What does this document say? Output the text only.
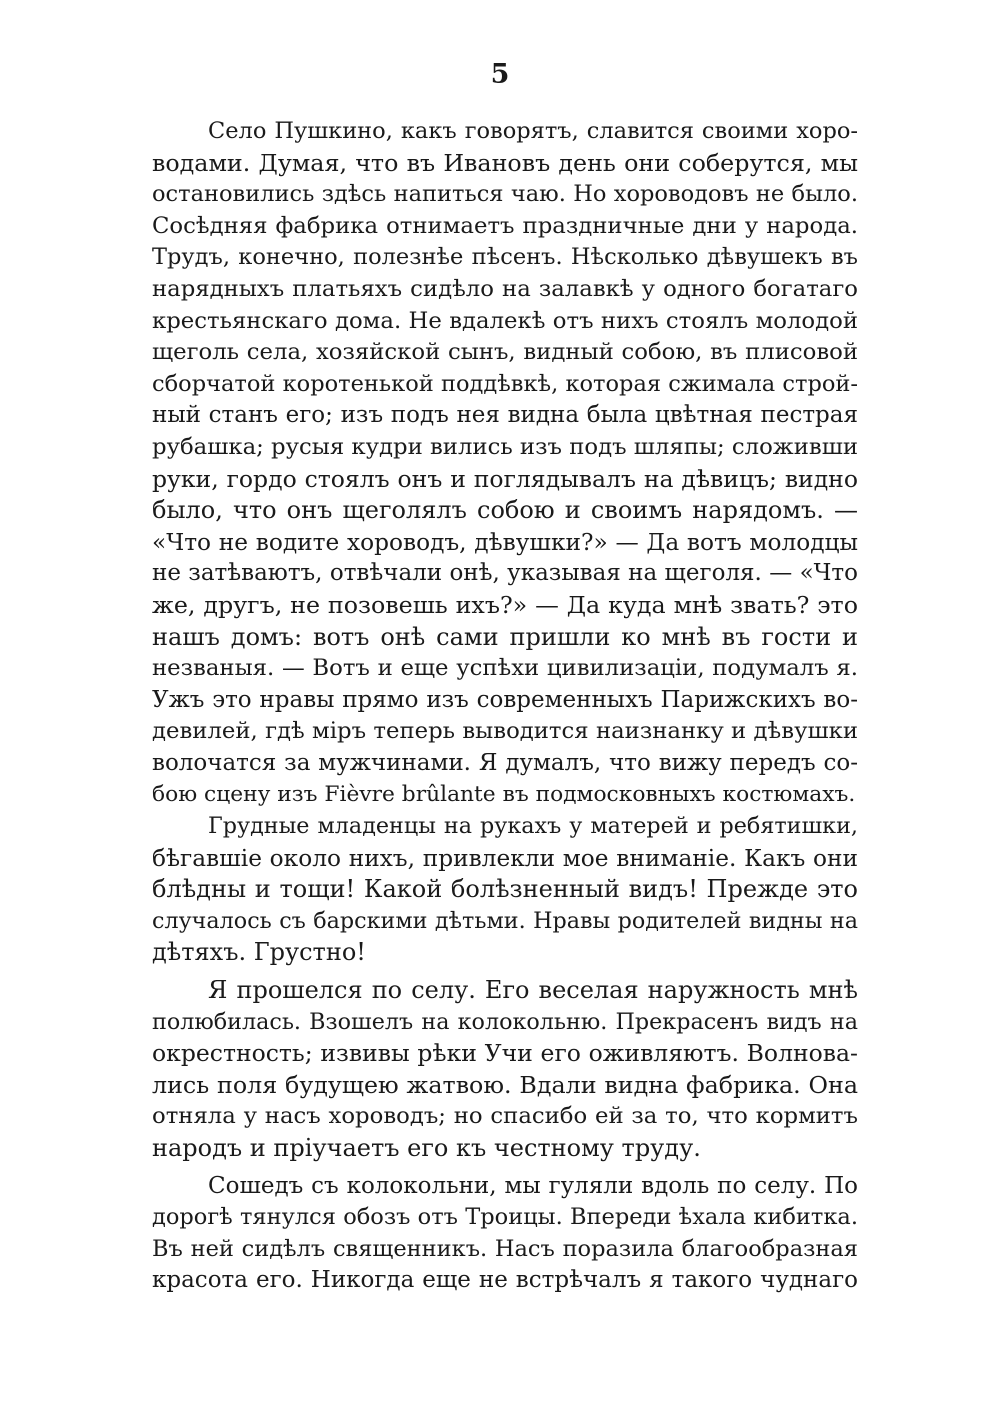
5
Село Пушкино, какъ говорятъ, славится своими хоро-
водами. Думая, что въ Ивановъ день они соберутся, мы
остановились здѣсь напиться чаю. Но хороводовъ не было.
Сосѣдняя фабрика отнимаетъ праздничные дни у народа.
Трудъ, конечно, полезнѣе пѣсенъ. Нѣсколько дѣвушекъ въ
нарядныхъ платьяхъ сидѣло на залавкѣ у одного богатаго
крестьянскаго дома. Не вдалекѣ отъ нихъ стоялъ молодой
щеголь села, хозяйской сынъ, видный собою, въ плисовой
сборчатой коротенькой поддѣвкѣ, которая сжимала строй-
ный станъ его; изъ подъ нея видна была цвѣтная пестрая
рубашка; русыя кудри вились изъ подъ шляпы; сложивши
руки, гордо стоялъ онъ и поглядывалъ на дѣвицъ; видно
было, что онъ щеголялъ собою и своимъ нарядомъ. —
«Что не водите хороводъ, дѣвушки?» — Да вотъ молодцы
не затѣваютъ, отвѣчали онѣ, указывая на щеголя. — «Что
же, другъ, не позовешь ихъ?» — Да куда мнѣ звать? это
нашъ домъ: вотъ онѣ сами пришли ко мнѣ въ гости и
незваныя. — Вотъ и еще успѣхи цивилизаціи, подумалъ я.
Ужъ это нравы прямо изъ современныхъ Парижскихъ во-
девилей, гдѣ міръ теперь выводится наизнанку и дѣвушки
волочатся за мужчинами. Я думалъ, что вижу передъ со-
бою сцену изъ Fièvre brûlante въ подмосковныхъ костюмахъ.
Грудные младенцы на рукахъ у матерей и ребятишки,
бѣгавшіе около нихъ, привлекли мое вниманіе. Какъ они
блѣдны и тощи! Какой болѣзненный видъ! Прежде это
случалось съ барскими дѣтьми. Нравы родителей видны на
дѣтяхъ. Грустно!
Я прошелся по селу. Его веселая наружность мнѣ
полюбилась. Взошелъ на колокольню. Прекрасенъ видъ на
окрестность; извивы рѣки Учи его оживляютъ. Волнова-
лись поля будущею жатвою. Вдали видна фабрика. Она
отняла у насъ хороводъ; но спасибо ей за то, что кормитъ
народъ и пріучаетъ его къ честному труду.
Сошедъ съ колокольни, мы гуляли вдоль по селу. По
дорогѣ тянулся обозъ отъ Троицы. Впереди ѣхала кибитка.
Въ ней сидѣлъ священникъ. Насъ поразила благообразная
красота его. Никогда еще не встрѣчалъ я такого чуднаго
